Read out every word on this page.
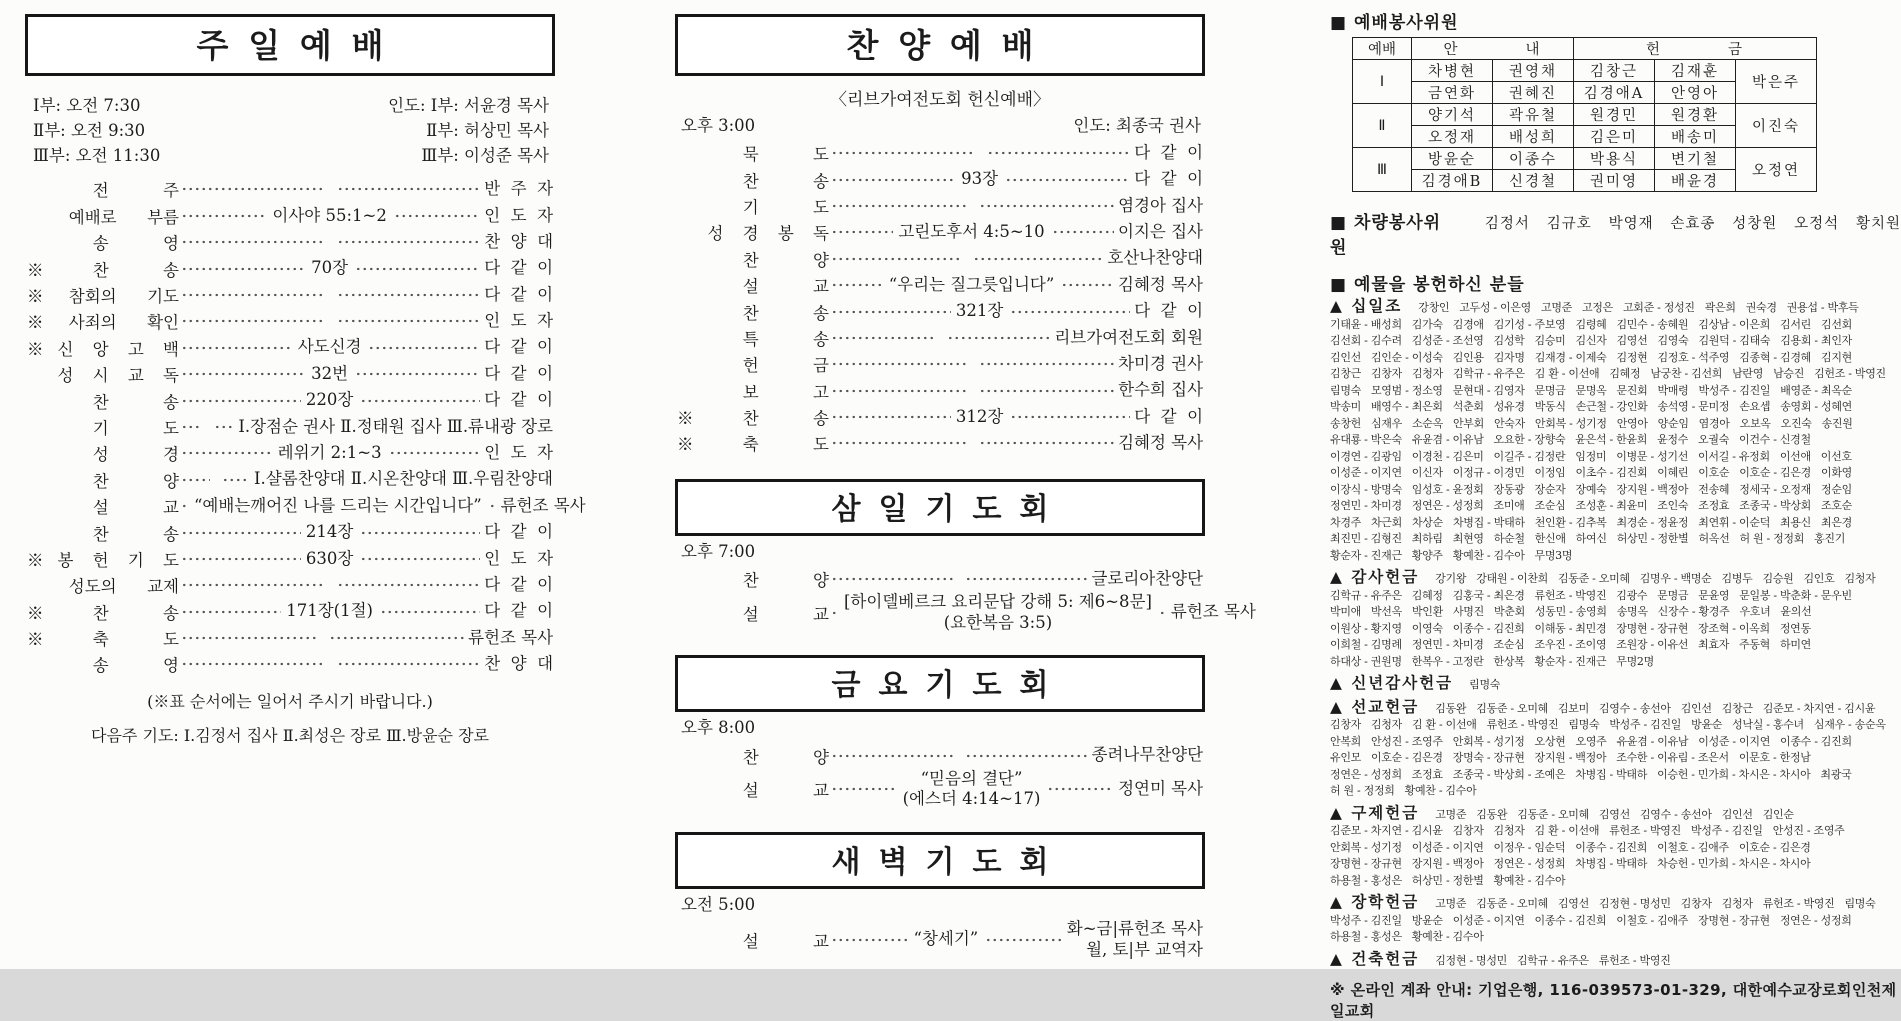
주일예배
Ⅰ부: 오전 7:30
Ⅱ부: 오전 9:30
Ⅲ부: 오전 11:30
인도: Ⅰ부: 서윤경 목사
Ⅱ부: 허상민 목사
Ⅲ부: 이성준 목사
　전 주	반  주  자
　예배로 부름	이사야 55:1~2	인  도  자
　송 영	찬  양  대
※찬 송	70장	다  같  이
※참회의 기도	다  같  이
※사죄의 확인	인  도  자
※신 앙 고 백	사도신경	다  같  이
　성 시 교 독	32번	다  같  이
　찬 송	220장	다  같  이
　기 도	Ⅰ.장점순 권사 Ⅱ.정태원 집사 Ⅲ.류내광 장로
　성 경	레위기 2:1~3	인  도  자
　찬 양	Ⅰ.샬롬찬양대 Ⅱ.시온찬양대 Ⅲ.우림찬양대
　설 교 “예배는깨어진 나를 드리는 시간입니다” 류헌조 목사
　찬 송	214장	다  같  이
※봉 헌 기 도	630장	인  도  자
　성도의 교제	다  같  이
※찬 송	171장(1절)	다  같  이
※축 도	류헌조 목사
　송 영	찬  양  대
(※표 순서에는 일어서 주시기 바랍니다.)
다음주 기도: Ⅰ.김정서 집사 Ⅱ.최성은 장로 Ⅲ.방윤순 장로
찬양예배
〈리브가여전도회 헌신예배〉
오후 3:00	인도: 최종국 권사
　묵 도	다  같  이
　찬 송	93장	다  같  이
　기 도	염경아 집사
　성 경 봉 독	고린도후서 4:5~10	이지은 집사
　찬 양	호산나찬양대
　설 교	“우리는 질그릇입니다”	김혜정 목사
　찬 송	321장	다  같  이
　특 송	리브가여전도회 회원
　헌 금	차미경 권사
　보 고	한수희 집사
※찬 송	312장	다  같  이
※축 도	김혜정 목사
삼일기도회
오후 7:00
　찬 양	글로리아찬양단
　설 교
[하이델베르크 요리문답 강해 5: 제6~8문]
(요한복음 3:5)
류헌조 목사
금요기도회
오후 8:00
　찬 양	종려나무찬양단
　설 교
“믿음의 결단”
(에스더 4:14~17)
정연미 목사
새벽기도회
오전 5:00
　설 교	“창세기”
화~금|류헌조 목사
월, 토|부 교역자
■ 예배봉사위원
예배	안          내		헌          금		
Ⅰ	차병현	권영채	김창근	김재훈	박은주
	금연화	권혜진	김경애A	안영아	
Ⅱ	양기석	곽유철	원경민	원경환	이진숙
	오정재	배성희	김은미	배송미	
Ⅲ	방윤순	이종수	박용식	변기철	오정연
	김경애B	신경철	권미영	배윤경	
■ 차량봉사위원
김정서   김규호   박영재   손효종   성창원   오정석   황치원
■ 예물을 봉헌하신 분들
▲ 십일조 강창인 고두성 - 이은영 고명준 고정은 고회준 - 정성진 곽은희 권숙경 권용섭 - 박후득기태윤 - 배성희 김가숙 김경애 김기성 - 주보영 김령혜 김민수 - 송혜원 김상남 - 이은희 김서린 김선회김선회 - 김수려 김성준 - 조선영 김성학 김승미 김신자 김영선 김영숙 김원덕 - 김태숙 김용회 - 최인자김인선 김인순 - 이성숙 김인용 김자명 김재경 - 이제숙 김정현 김정호 - 석주영 김종혁 - 김경혜 김지현김창근 김창자 김청자 김학규 - 유주은 김 환 - 이선애 김혜정 남궁찬 - 김선희 남란영 남승진 김헌조 - 박영진림명숙 모영범 - 정소영 문현대 - 김영자 문명금 문명옥 문진회 박매령 박성주 - 김진일 배영준 - 최옥순박송미 배영수 - 최은회 석춘회 성유경 박동식 손근철 - 강인화 송석영 - 문미정 손요셉 송영회 - 성혜연송창헌 심재우 소순옥 안부회 안숙자 안회복 - 성기정 안영아 양순임 염경아 오보옥 오진숙 송진원유대룡 - 박은숙 유윤겸 - 이유남 오요한 - 장향숙 윤은석 - 한윤희 윤정수 오궐숙 이건수 - 신경철이경연 - 김광임 이경천 - 김은미 이길주 - 김정란 임정미 이병문 - 성기선 이서길 - 유정회 이선애 이선호이성준 - 이지연 이신자 이정규 - 이경민 이정임 이초수 - 김진회 이혜린 이호순 이호순 - 김은경 이화영이장식 - 방명숙 임성호 - 윤정회 장동광 장순자 장예숙 장지원 - 백정아 전송혜 정세국 - 오정재 정순임정연민 - 차미경 정연은 - 성정희 조미애 조순심 조성훈 - 최윤미 조인숙 조정효 조종국 - 박상회 조호순차경주 차근회 차상순 차병집 - 박태하 천인환 - 김추복 최경순 - 정윤정 최연휘 - 이순덕 최용신 최은경최진민 - 김형진 최하림 최현영 하순철 한신애 하여신 허상민 - 정한별 허옥선 허 원 - 정정회 홍진기황순자 - 진재근 황양주 황예찬 - 김수아 무명3명
▲ 감사헌금 강기왕 강태원 - 이찬희 김동준 - 오미혜 김명우 - 백명순 김병두 김승원 김인호 김청자김학규 - 유주은 김혜정 김홍국 - 최은경 류헌조 - 박영진 김광수 문명금 문윤영 문일봉 - 박춘화 - 문우빈박미애 박선옥 박인환 사명진 박춘회 성동민 - 송영희 송명옥 신장수 - 황경주 우호녀 윤의선이원상 - 황지영 이영숙 이종수 - 김진희 이해동 - 최민경 장명현 - 장규현 장조혁 - 이옥희 정연동이희철 - 김명례 정연민 - 차미경 조순심 조우진 - 조이영 조원장 - 이유선 최효자 주동혁 하미연하대상 - 권원명 한복우 - 고정란 한상복 황순자 - 진재근 무명2명
▲ 신년감사헌금 림명숙
▲ 선교헌금 김동완 김동준 - 오미혜 김보미 김영수 - 송선아 김인선 김창근 김준모 - 차지연 - 김시윤김창자 김청자 김 환 - 이선애 류헌조 - 박영진 림명숙 박성주 - 김진일 방윤순 성낙실 - 홍수녀 심재우 - 송순옥안복희 안성진 - 조영주 안회복 - 성기정 오상현 오영주 유윤겸 - 이유남 이성준 - 이지연 이종수 - 김진희유인모 이호순 - 김은경 장명숙 - 장규현 장지원 - 백정아 조수한 - 이유림 - 조은서 이문호 - 한정남정연은 - 성정희 조정효 조종국 - 박상희 - 조예은 차병집 - 박태하 이승헌 - 민가희 - 차시은 - 차시아 최광국허 원 - 정정희 황예찬 - 김수아
▲ 구제헌금 고명준 김동완 김동준 - 오미혜 김영선 김영수 - 송선아 김인선 김인순김준모 - 차지연 - 김시윤 김창자 김청자 김 환 - 이선애 류헌조 - 박영진 박성주 - 김진일 안성진 - 조영주안회복 - 성기정 이성준 - 이지연 이정우 - 임순덕 이종수 - 김진희 이철호 - 김애주 이호순 - 김은경장명현 - 장규현 장지원 - 백정아 정연은 - 성정희 차병집 - 박태하 차승헌 - 민가희 - 차시은 - 차시아하용철 - 홍성은 허상민 - 정한별 황예찬 - 김수아
▲ 장학헌금 고명준 김동준 - 오미혜 김영선 김정현 - 명성민 김창자 김청자 류헌조 - 박영진 림명숙박성주 - 김진일 방윤순 이성준 - 이지연 이종수 - 김진희 이철호 - 김애주 장명현 - 장규현 정연은 - 성정희하용철 - 홍성은 황예찬 - 김수아
▲ 건축헌금 김정현 - 명성민 김학규 - 유주은 류헌조 - 박영진
※ 온라인 계좌 안내: 기업은행, 116-039573-01-329, 대한예수교장로회인천제일교회
